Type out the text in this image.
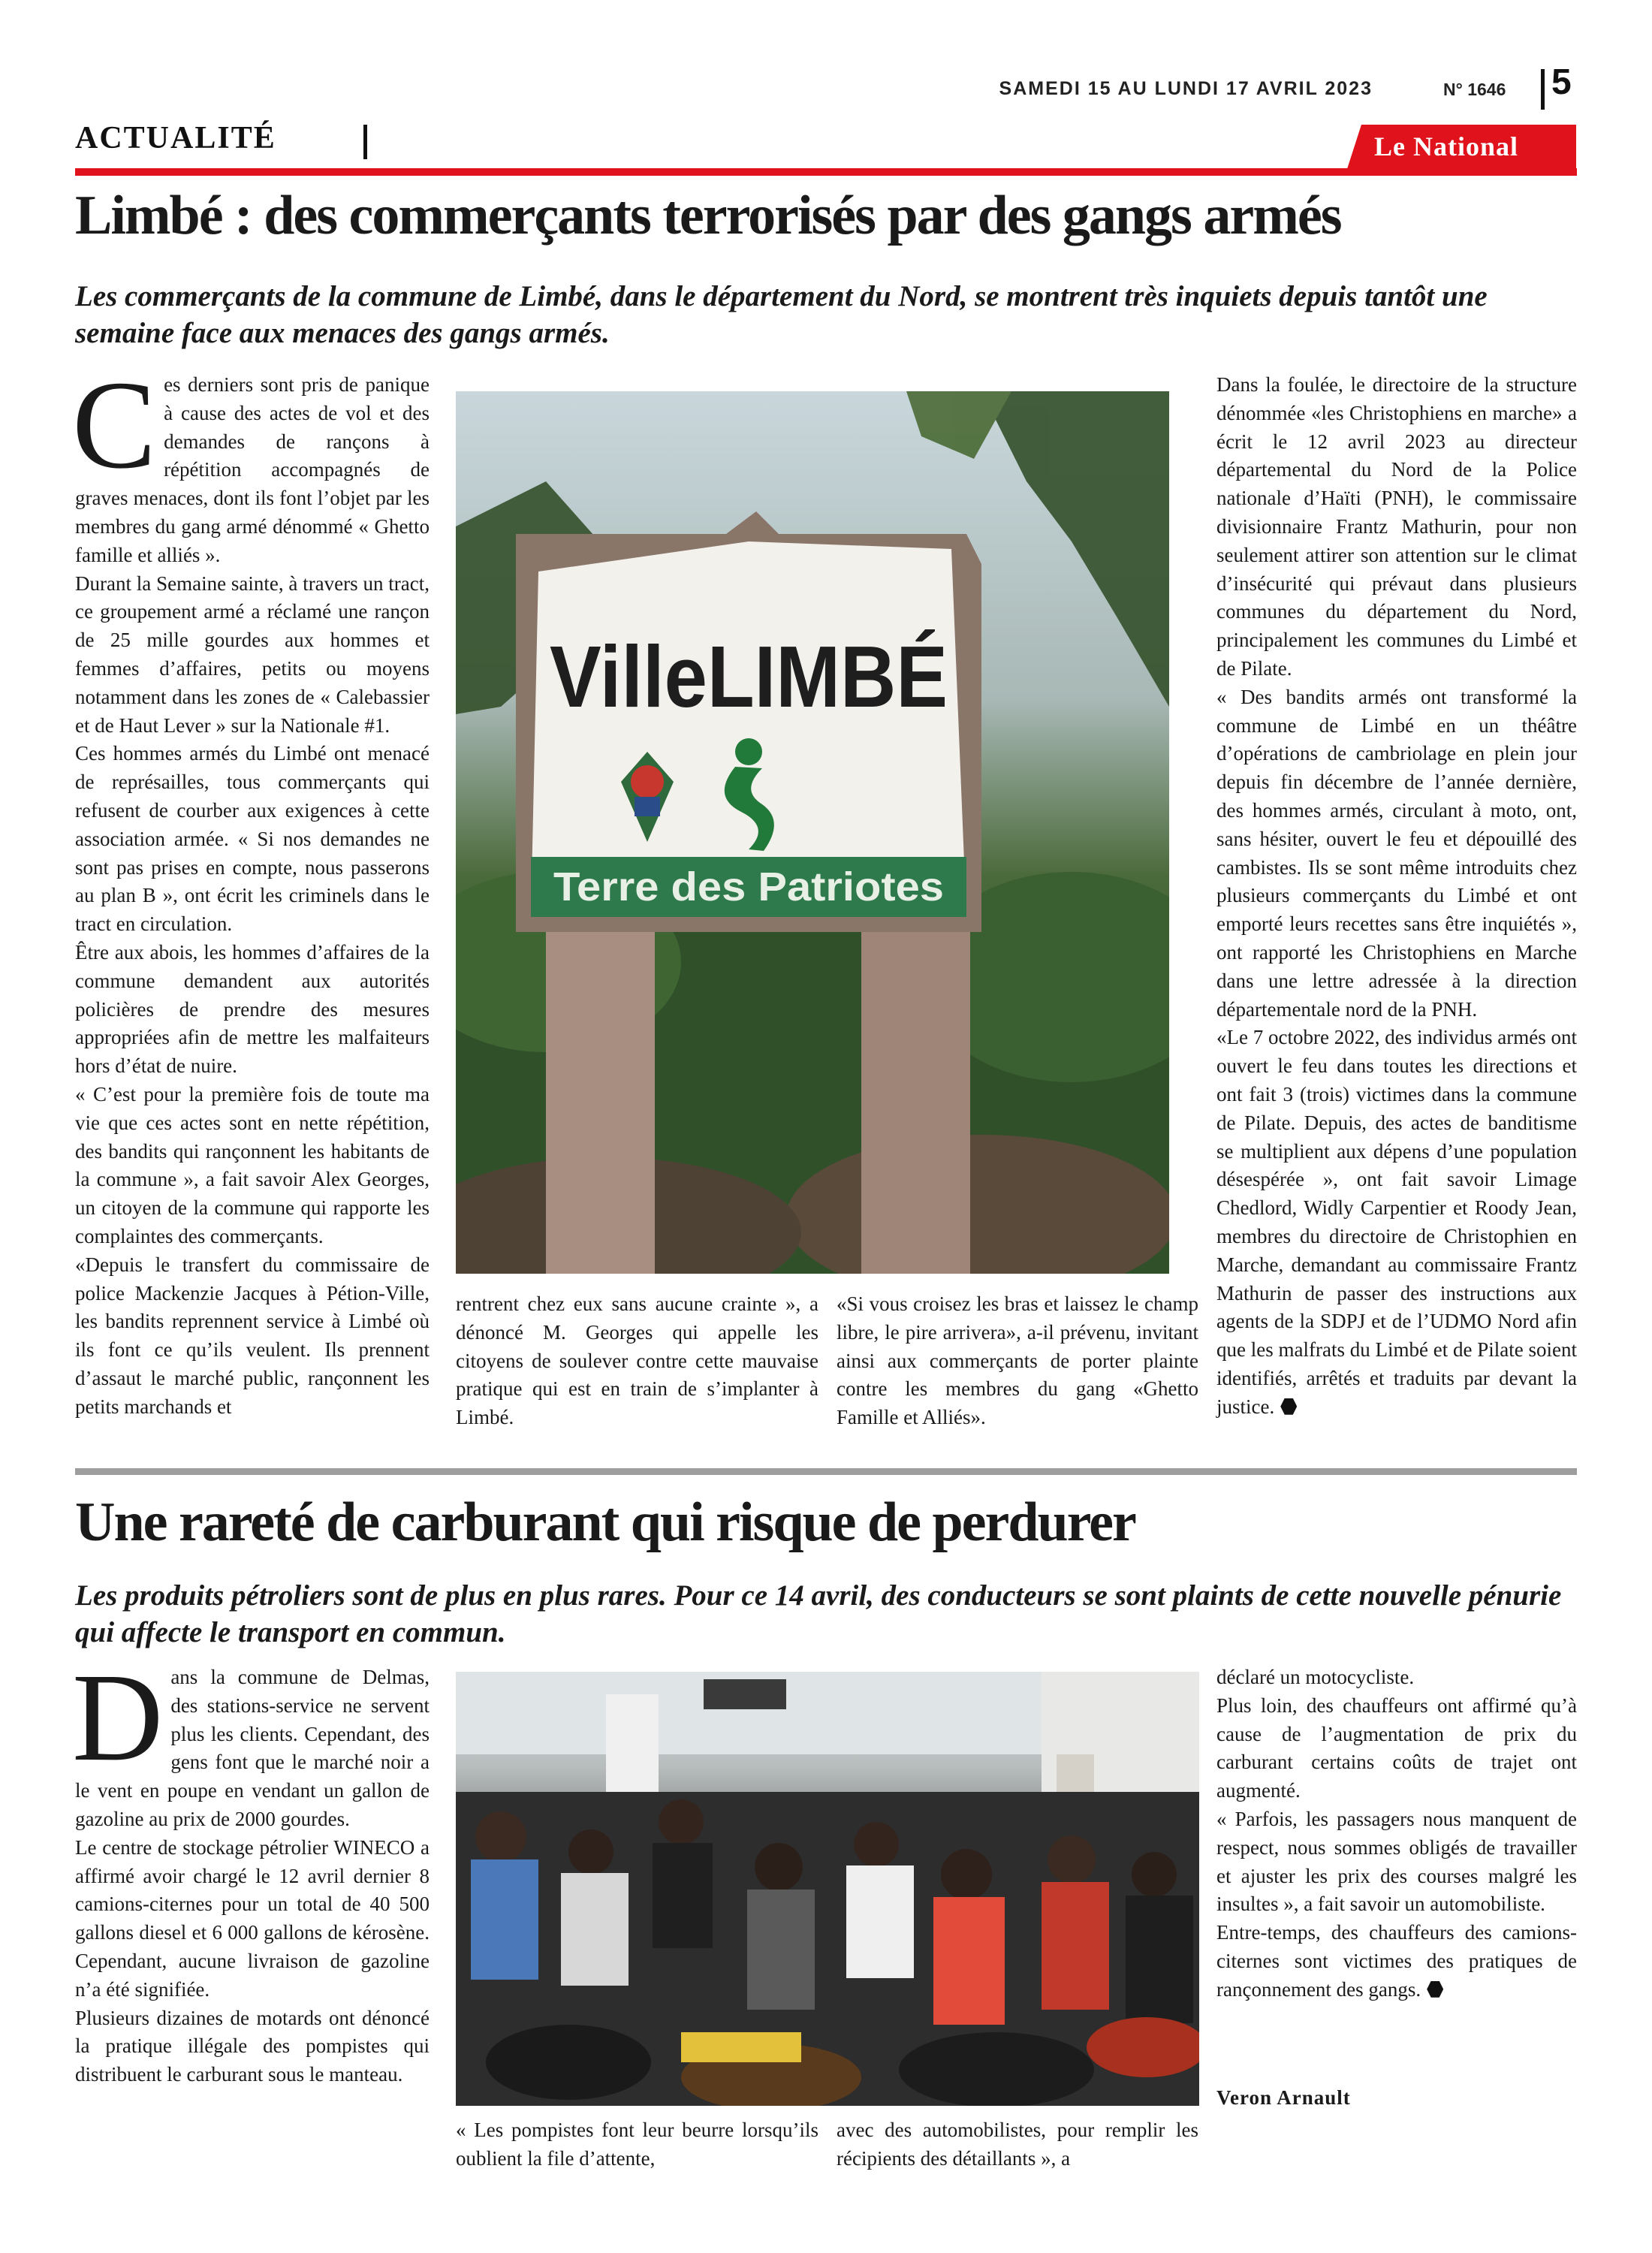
SAMEDI 15 AU LUNDI 17 AVRIL 2023	N° 1646 5
ACTUALITÉ	Le National
Limbé : des commerçants terrorisés par des gangs armés
Les commerçants de la commune de Limbé, dans le département du Nord, se montrent très inquiets depuis tantôt une semaine face aux menaces des gangs armés.
C es derniers sont pris de panique à cause des actes de vol et des demandes de rançons à répétition accompagnés de graves menaces, dont ils font l’objet par les membres du gang armé dénommé « Ghetto famille et alliés ».

Durant la Semaine sainte, à travers un tract, ce groupement armé a réclamé une rançon de 25 mille gourdes aux hommes et femmes d’affaires, petits ou moyens notamment dans les zones de « Calebassier et de Haut Lever » sur la Nationale #1.

Ces hommes armés du Limbé ont menacé de représailles, tous commerçants qui refusent de courber aux exigences à cette association armée. « Si nos demandes ne sont pas prises en compte, nous passerons au plan B », ont écrit les criminels dans le tract en circulation.

Être aux abois, les hommes d’affaires de la commune demandent aux autorités policières de prendre des mesures appropriées afin de mettre les malfaiteurs hors d’état de nuire.

« C’est pour la première fois de toute ma vie que ces actes sont en nette répétition, des bandits qui rançonnent les habitants de la commune », a fait savoir Alex Georges, un citoyen de la commune qui rapporte les complaintes des commerçants.

«Depuis le transfert du commissaire de police Mackenzie Jacques à Pétion-Ville, les bandits reprennent service à Limbé où ils font ce qu’ils veulent. Ils prennent d’assaut le marché public, rançonnent les petits marchands et

VilleLIMBÉ
Terre des Patriotes

rentrent chez eux sans aucune crainte », a dénoncé M. Georges qui appelle les citoyens de soulever contre cette mauvaise pratique qui est en train de s’implanter à Limbé.

«Si vous croisez les bras et laissez le champ libre, le pire arrivera», a-il prévenu, invitant ainsi aux commerçants de porter plainte contre les membres du gang «Ghetto Famille et Alliés».

Dans la foulée, le directoire de la structure dénommée «les Christophiens en marche» a écrit le 12 avril 2023 au directeur départemental du Nord de la Police nationale d’Haïti (PNH), le commissaire divisionnaire Frantz Mathurin, pour non seulement attirer son attention sur le climat d’insécurité qui prévaut dans plusieurs communes du département du Nord, principalement les communes du Limbé et de Pilate.

« Des bandits armés ont transformé la commune de Limbé en un théâtre d’opérations de cambriolage en plein jour depuis fin décembre de l’année dernière, des hommes armés, circulant à moto, ont, sans hésiter, ouvert le feu et dépouillé des cambistes. Ils se sont même introduits chez plusieurs commerçants du Limbé et ont emporté leurs recettes sans être inquiétés », ont rapporté les Christophiens en Marche dans une lettre adressée à la direction départementale nord de la PNH.

«Le 7 octobre 2022, des individus armés ont ouvert le feu dans toutes les directions et ont fait 3 (trois) victimes dans la commune de Pilate. Depuis, des actes de banditisme se multiplient aux dépens d’une population désespérée », ont fait savoir Limage Chedlord, Widly Carpentier et Roody Jean, membres du directoire de Christophien en Marche, demandant au commissaire Frantz Mathurin de passer des instructions aux agents de la SDPJ et de l’UDMO Nord afin que les malfrats du Limbé et de Pilate soient identifiés, arrêtés et traduits par devant la justice.

Une rareté de carburant qui risque de perdurer
Les produits pétroliers sont de plus en plus rares. Pour ce 14 avril, des conducteurs se sont plaints de cette nouvelle pénurie qui affecte le transport en commun.
D ans la commune de Delmas, des stations-service ne servent plus les clients. Cependant, des gens font que le marché noir a le vent en poupe en vendant un gallon de gazoline au prix de 2000 gourdes.

Le centre de stockage pétrolier WINECO a affirmé avoir chargé le 12 avril dernier 8 camions-citernes pour un total de 40 500 gallons diesel et 6 000 gallons de kérosène. Cependant, aucune livraison de gazoline n’a été signifiée.

Plusieurs dizaines de motards ont dénoncé la pratique illégale des pompistes qui distribuent le carburant sous le manteau.

« Les pompistes font leur beurre lorsqu’ils oublient la file d’attente,

avec des automobilistes, pour remplir les récipients des détaillants », a

déclaré un motocycliste.

Plus loin, des chauffeurs ont affirmé qu’à cause de l’augmentation de prix du carburant certains coûts de trajet ont augmenté.

« Parfois, les passagers nous manquent de respect, nous sommes obligés de travailler et ajuster les prix des courses malgré les insultes », a fait savoir un automobiliste.

Entre-temps, des chauffeurs des camions-citernes sont victimes des pratiques de rançonnement des gangs.

Veron Arnault
